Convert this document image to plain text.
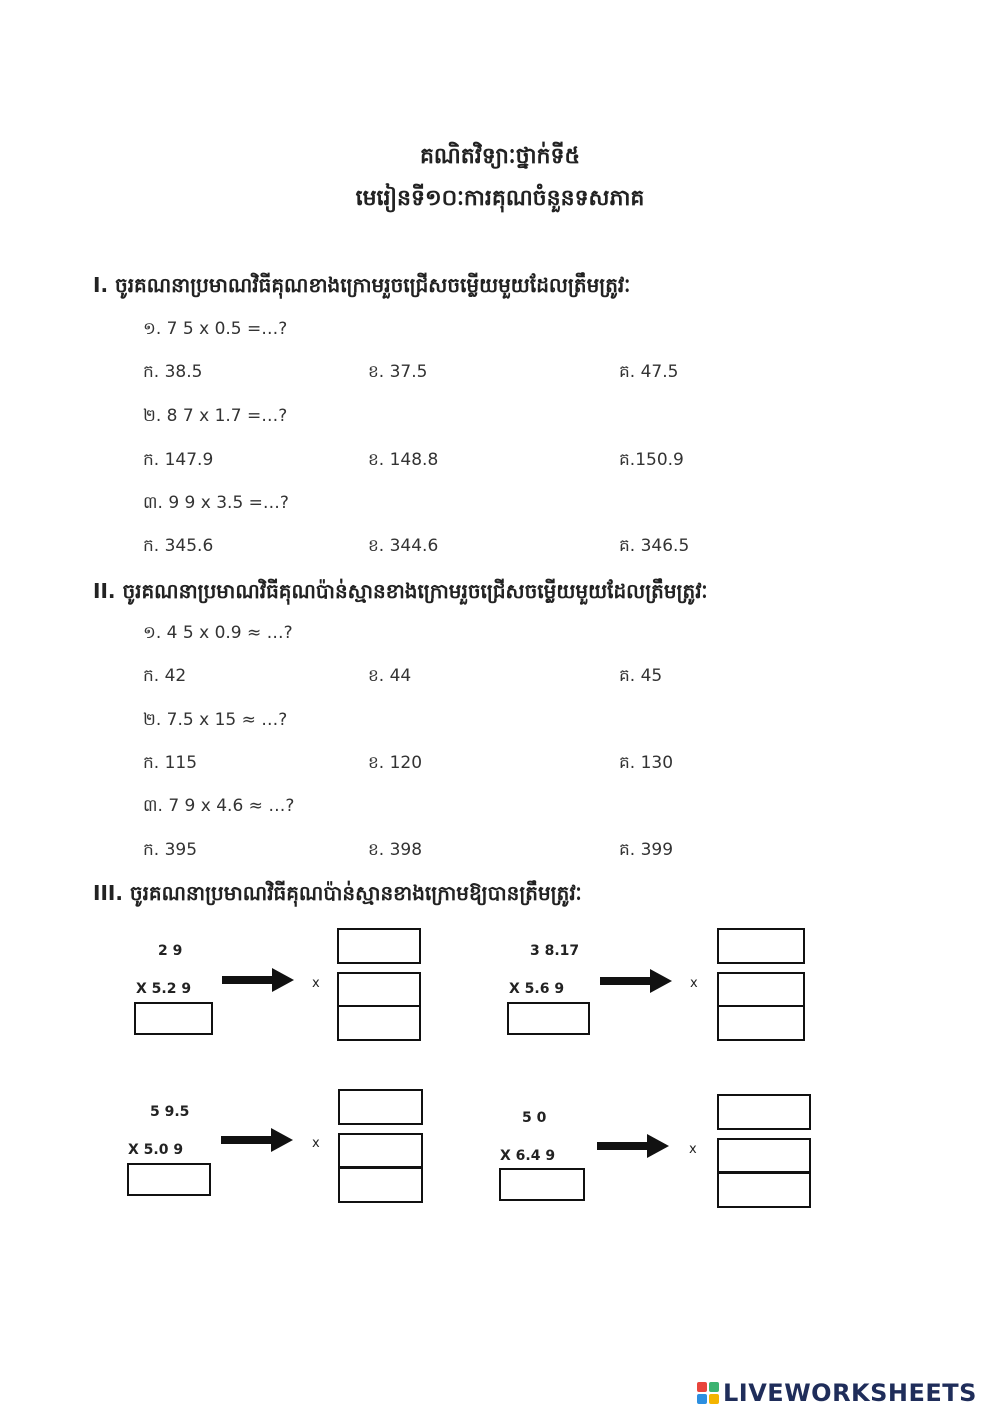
គណិតវិទ្យាៈថ្នាក់ទី៥
មេរៀនទី១០ៈការគុណចំនួនទសភាគ
I. ចូរគណនាប្រមាណវិធីគុណខាងក្រោមរួចជ្រើសចម្លើយមួយដែលត្រឹមត្រូវៈ
១. 7 5 x 0.5 =…?
ក. 38.5	ខ. 37.5	គ. 47.5
២. 8 7 x 1.7 =…?
ក. 147.9	ខ. 148.8	គ.150.9
៣. 9 9 x 3.5 =…?
ក. 345.6	ខ. 344.6	គ. 346.5
II. ចូរគណនាប្រមាណវិធីគុណប៉ាន់ស្មានខាងក្រោមរួចជ្រើសចម្លើយមួយដែលត្រឹមត្រូវៈ
១. 4 5 x 0.9 ≈ …?
ក. 42	ខ. 44	គ. 45
២. 7.5 x 15 ≈ …?
ក. 115	ខ. 120	គ. 130
៣. 7 9 x 4.6 ≈ …?
ក. 395	ខ. 398	គ. 399
III. ចូរគណនាប្រមាណវិធីគុណប៉ាន់ស្មានខាងក្រោមឱ្យបានត្រឹមត្រូវៈ
2 9
X 5.2 9	x
3 8.17
X 5.6 9	x
5 9.5
X 5.0 9	x
5 0
X 6.4 9	x
LIVEWORKSHEETS
